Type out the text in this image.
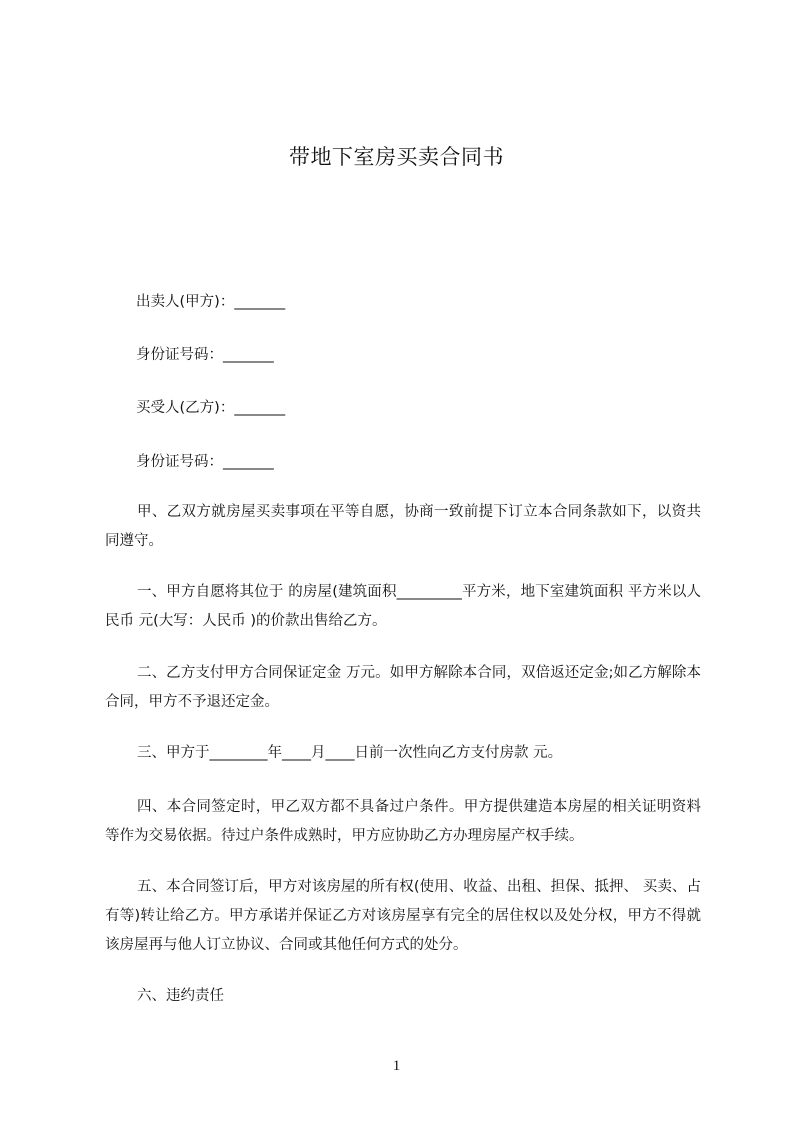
带地下室房买卖合同书

出卖人(甲方)：_______

身份证号码：_______

买受人(乙方)：_______

身份证号码：_______

甲、乙双方就房屋买卖事项在平等自愿，协商一致前提下订立本合同条款如下，以资共同遵守。

一、甲方自愿将其位于 的房屋(建筑面积_________平方米，地下室建筑面积 平方米以人民币 元(大写：人民币 )的价款出售给乙方。

二、乙方支付甲方合同保证定金 万元。如甲方解除本合同，双倍返还定金;如乙方解除本合同，甲方不予退还定金。

三、甲方于________年____月____日前一次性向乙方支付房款 元。

四、本合同签定时，甲乙双方都不具备过户条件。甲方提供建造本房屋的相关证明资料等作为交易依据。待过户条件成熟时，甲方应协助乙方办理房屋产权手续。

五、本合同签订后，甲方对该房屋的所有权(使用、收益、出租、担保、抵押、 买卖、占有等)转让给乙方。甲方承诺并保证乙方对该房屋享有完全的居住权以及处分权，甲方不得就该房屋再与他人订立协议、合同或其他任何方式的处分。

六、违约责任

1
